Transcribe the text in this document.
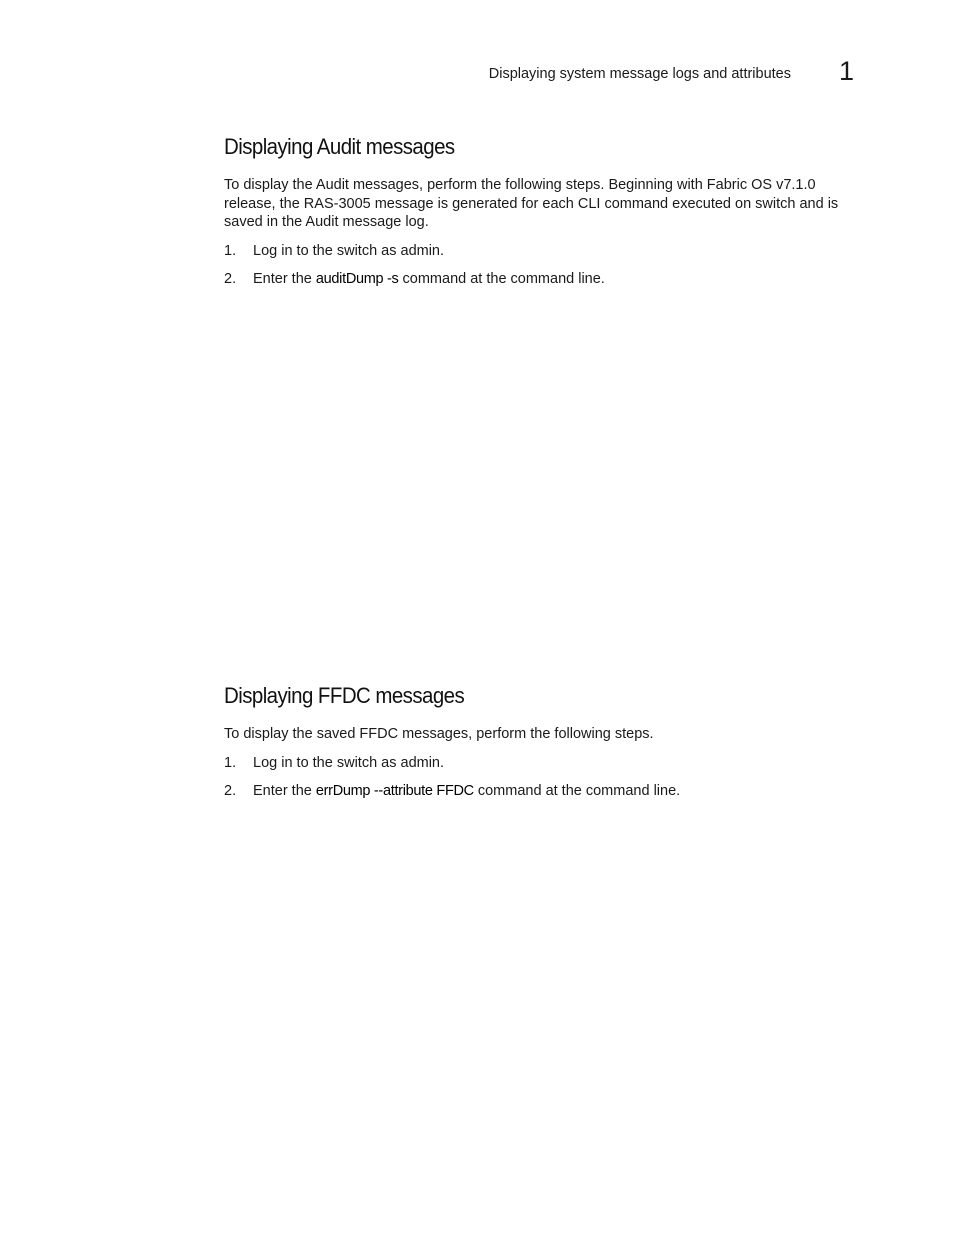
Displaying system message logs and attributes 1
Displaying Audit messages

To display the Audit messages, perform the following steps. Beginning with Fabric OS v7.1.0 release, the RAS-3005 message is generated for each CLI command executed on switch and is saved in the Audit message log.

1. Log in to the switch as admin.
2. Enter the auditDump -s command at the command line.
Displaying FFDC messages

To display the saved FFDC messages, perform the following steps.

1. Log in to the switch as admin.
2. Enter the errDump --attribute FFDC command at the command line.
